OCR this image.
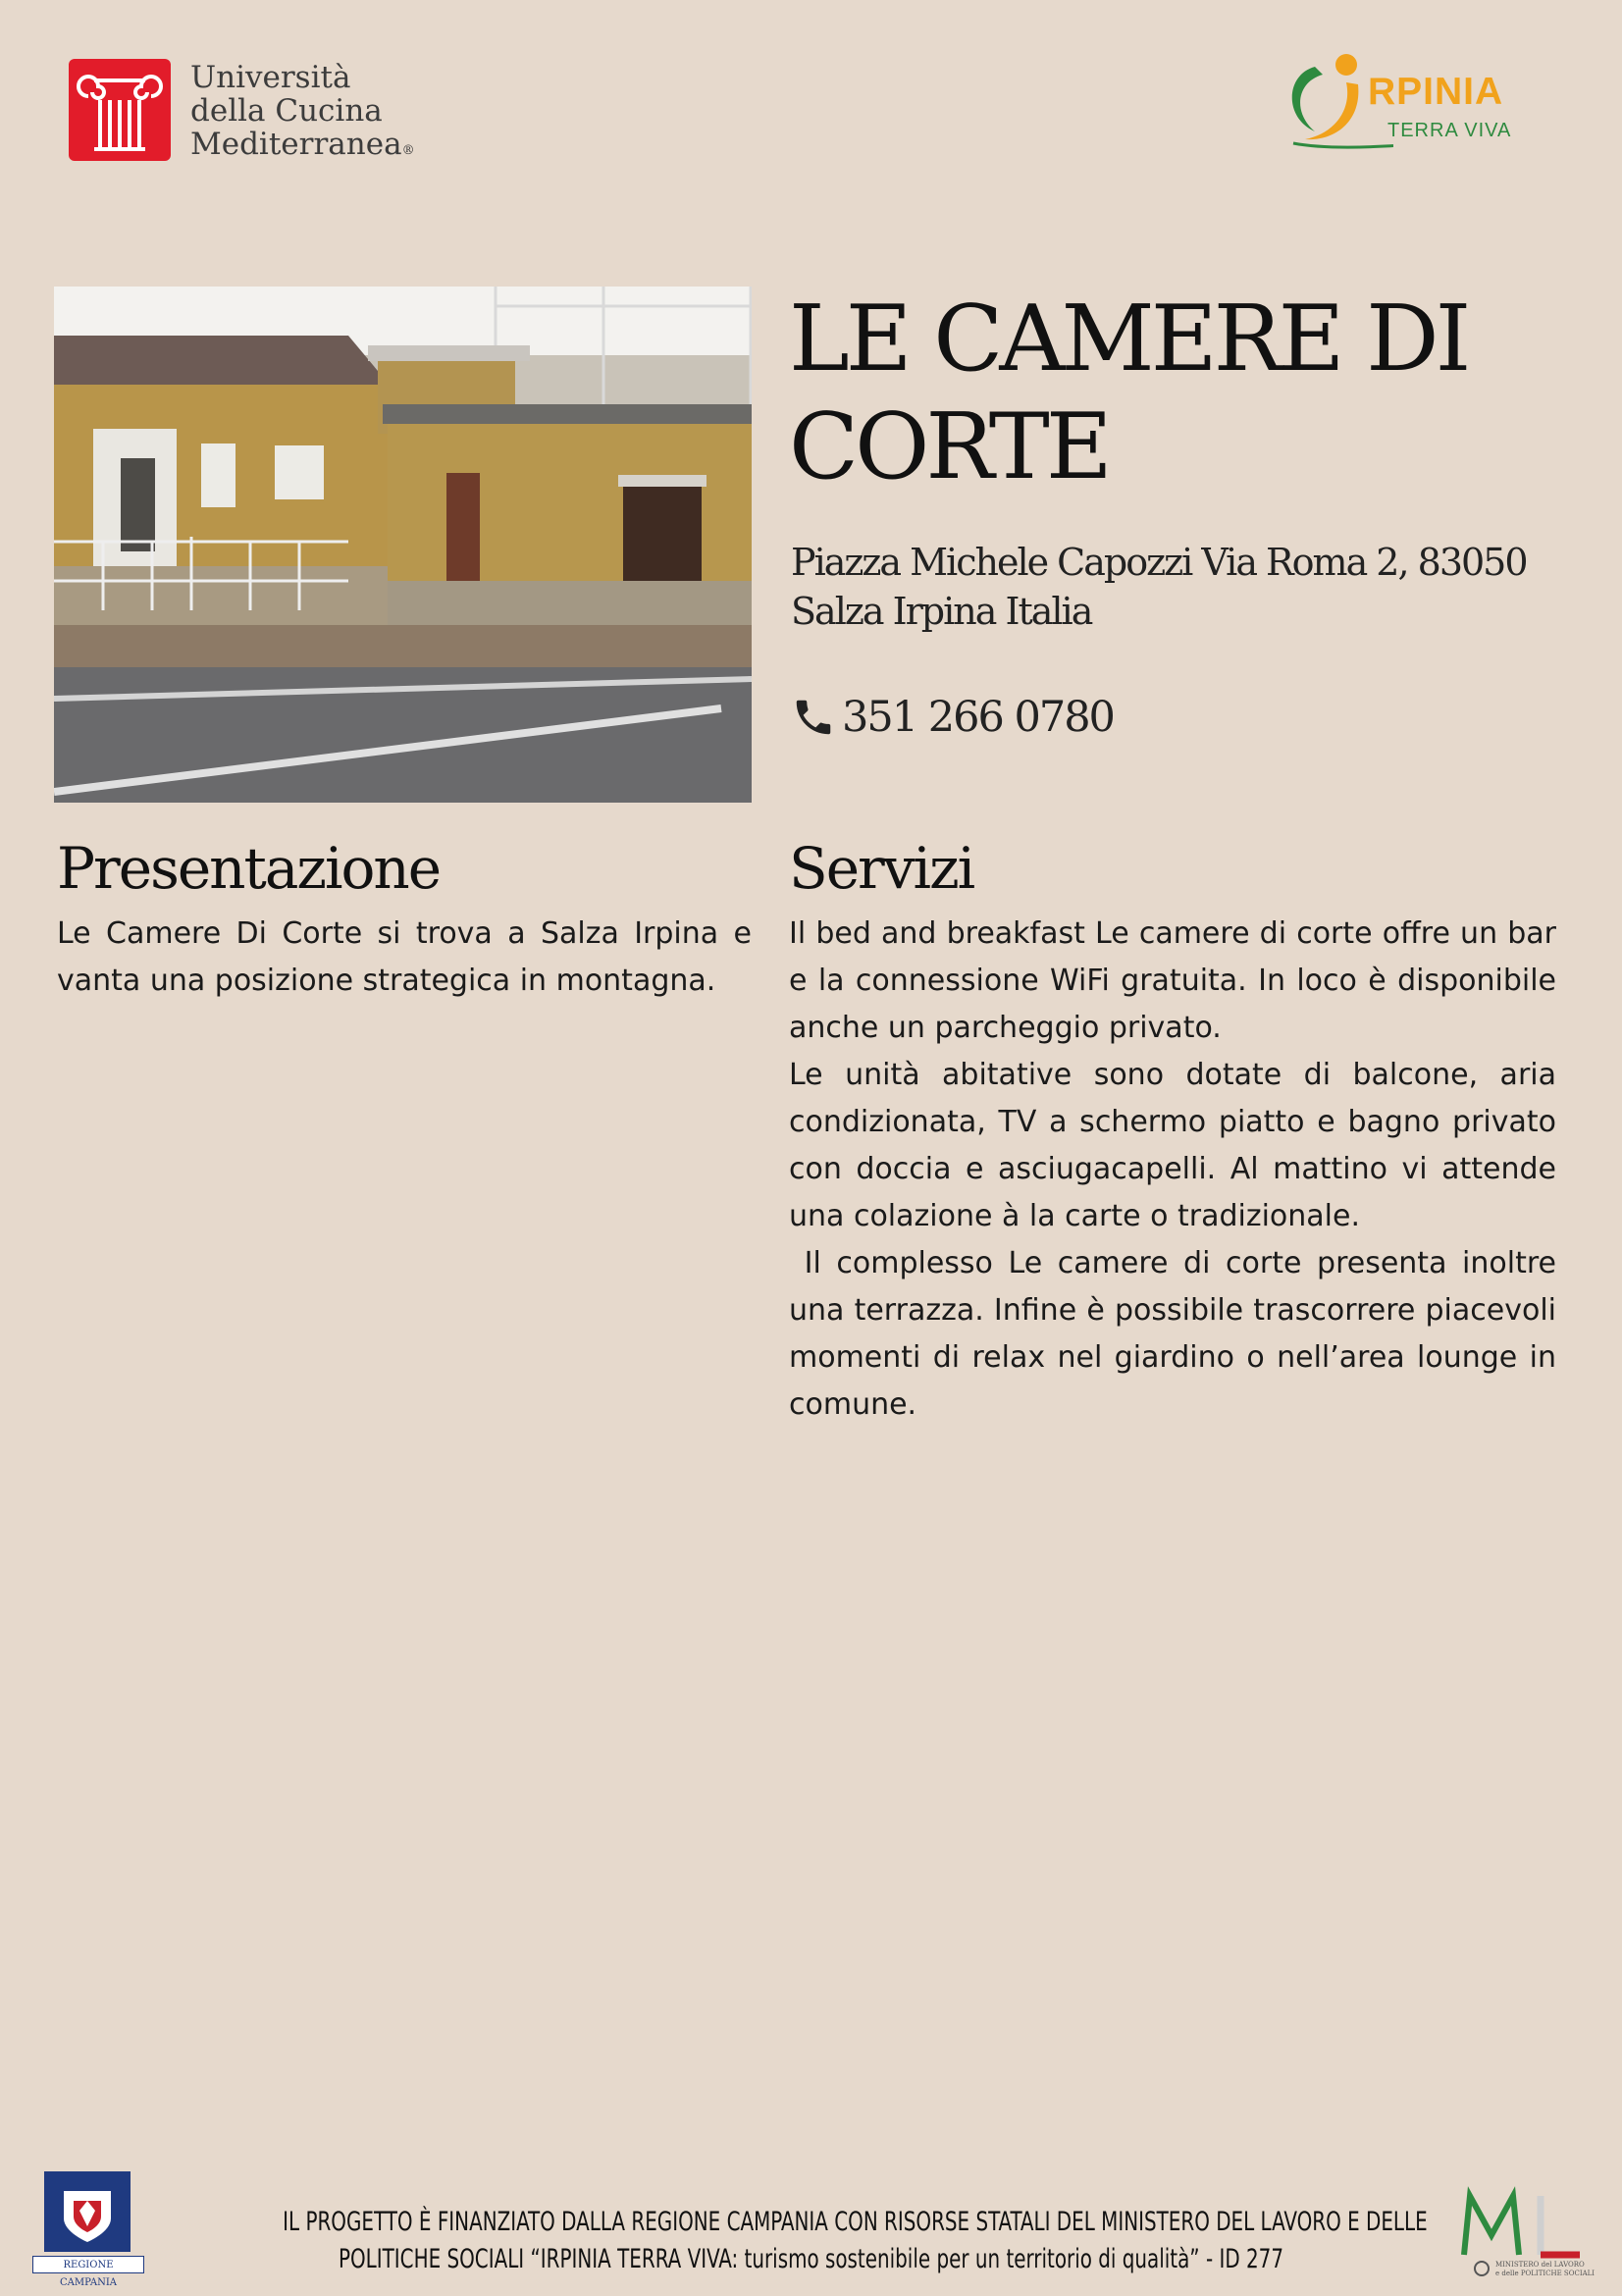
Università
della Cucina
Mediterranea®
RPINIA
TERRA VIVA
LE CAMERE DI
CORTE
Piazza Michele Capozzi Via Roma 2, 83050
Salza Irpina Italia
351 266 0780
Presentazione
Le Camere Di Corte si trova a Salza Irpina e vanta una posizione strategica in montagna.
Servizi

Il bed and breakfast Le camere di corte offre un bar e la connessione WiFi gratuita. In loco è disponibile anche un parcheggio privato.

Le unità abitative sono dotate di balcone, aria condizionata, TV a schermo piatto e bagno privato con doccia e asciugacapelli. Al mattino vi attende una colazione à la carte o tradizionale.

Il complesso Le camere di corte presenta inoltre una terrazza. Infine è possibile trascorrere piacevoli momenti di relax nel giardino o nell’area lounge in comune.

REGIONE CAMPANIA
IL PROGETTO È FINANZIATO DALLA REGIONE CAMPANIA CON RISORSE STATALI DEL MINISTERO DEL LAVORO E DELLE
POLITICHE SOCIALI “IRPINIA TERRA VIVA: turismo sostenibile per un territorio di qualità” - ID 277	MINISTERO del LAVORO
e delle POLITICHE SOCIALI
